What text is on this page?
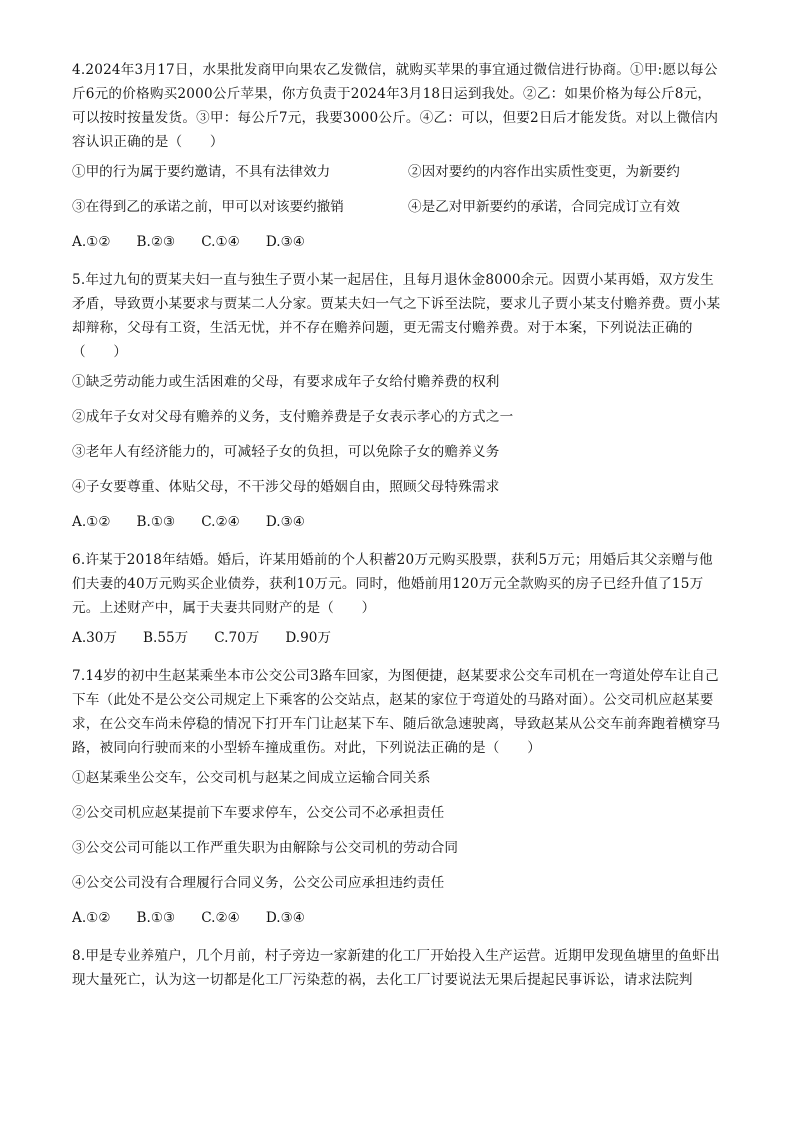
4.2024年3月17日，水果批发商甲向果农乙发微信，就购买苹果的事宜通过微信进行协商。①甲:愿以每公斤6元的价格购买2000公斤苹果，你方负责于2024年3月18日运到我处。②乙：如果价格为每公斤8元，可以按时按量发货。③甲：每公斤7元，我要3000公斤。④乙：可以，但要2日后才能发货。对以上微信内容认识正确的是（　　）

①甲的行为属于要约邀请，不具有法律效力	②因对要约的内容作出实质性变更，为新要约
③在得到乙的承诺之前，甲可以对该要约撤销	④是乙对甲新要约的承诺，合同完成订立有效
A.①② B.②③ C.①④ D.③④

5.年过九旬的贾某夫妇一直与独生子贾小某一起居住，且每月退休金8000余元。因贾小某再婚，双方发生矛盾，导致贾小某要求与贾某二人分家。贾某夫妇一气之下诉至法院，要求儿子贾小某支付赡养费。贾小某却辩称，父母有工资，生活无忧，并不存在赡养问题，更无需支付赡养费。对于本案，下列说法正确的（　　）

①缺乏劳动能力或生活困难的父母，有要求成年子女给付赡养费的权利

②成年子女对父母有赡养的义务，支付赡养费是子女表示孝心的方式之一

③老年人有经济能力的，可减轻子女的负担，可以免除子女的赡养义务

④子女要尊重、体贴父母，不干涉父母的婚姻自由，照顾父母特殊需求

A.①② B.①③ C.②④ D.③④

6.许某于2018年结婚。婚后，许某用婚前的个人积蓄20万元购买股票，获利5万元；用婚后其父亲赠与他们夫妻的40万元购买企业债券，获利10万元。同时，他婚前用120万元全款购买的房子已经升值了15万元。上述财产中，属于夫妻共同财产的是（　　）

A.30万 B.55万 C.70万 D.90万

7.14岁的初中生赵某乘坐本市公交公司3路车回家，为图便捷，赵某要求公交车司机在一弯道处停车让自己下车（此处不是公交公司规定上下乘客的公交站点，赵某的家位于弯道处的马路对面）。公交司机应赵某要求，在公交车尚未停稳的情况下打开车门让赵某下车、随后欲急速驶离，导致赵某从公交车前奔跑着横穿马路，被同向行驶而来的小型轿车撞成重伤。对此，下列说法正确的是（　　）

①赵某乘坐公交车，公交司机与赵某之间成立运输合同关系

②公交司机应赵某提前下车要求停车，公交公司不必承担责任

③公交公司可能以工作严重失职为由解除与公交司机的劳动合同

④公交公司没有合理履行合同义务，公交公司应承担违约责任

A.①② B.①③ C.②④ D.③④

8.甲是专业养殖户，几个月前，村子旁边一家新建的化工厂开始投入生产运营。近期甲发现鱼塘里的鱼虾出现大量死亡，认为这一切都是化工厂污染惹的祸，去化工厂讨要说法无果后提起民事诉讼，请求法院判
